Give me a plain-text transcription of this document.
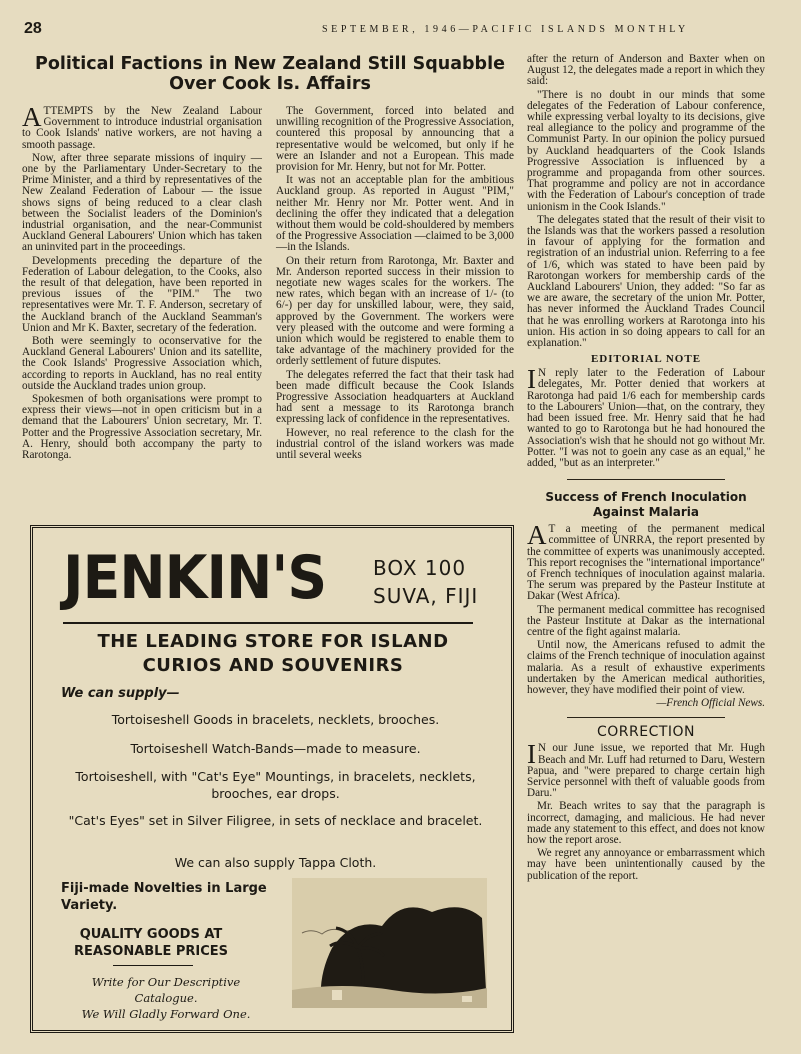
28	SEPTEMBER, 1946—PACIFIC ISLANDS MONTHLY
Political Factions in New Zealand Still Squabble Over Cook Is. Affairs

ATTEMPTS by the New Zealand Labour Government to introduce industrial organisation to Cook Islands' native workers, are not having a smooth passage.

Now, after three separate missions of inquiry — one by the Parliamentary Under-Secretary to the Prime Minister, and a third by representatives of the New Zealand Federation of Labour — the issue shows signs of being reduced to a clear clash between the Socialist leaders of the Dominion's industrial organisation, and the near-Communist Auckland General Labourers' Union which has taken an uninvited part in the proceedings.

Developments preceding the departure of the Federation of Labour delegation, to the Cooks, also the result of that delegation, have been reported in previous issues of the "PIM." The two representatives were Mr. T. F. Anderson, secretary of the Auckland branch of the Auckland Seamman's Union and Mr K. Baxter, secretary of the federation.

Both were seemingly to oconservative for the Auckland General Labourers' Union and its satellite, the Cook Islands' Progressive Association which, according to reports in Auckland, has no real entity outside the Auckland trades union group.

Spokesmen of both organisations were prompt to express their views—not in open criticism but in a demand that the Labourers' Union secretary, Mr. T. Potter and the Progressive Association secretary, Mr. A. Henry, should both accompany the party to Rarotonga.

The Government, forced into belated and unwilling recognition of the Progressive Association, countered this proposal by announcing that a representative would be welcomed, but only if he were an Islander and not a European. This made provision for Mr. Henry, but not for Mr. Potter.

It was not an acceptable plan for the ambitious Auckland group. As reported in August "PIM," neither Mr. Henry nor Mr. Potter went. And in declining the offer they indicated that a delegation without them would be cold-shouldered by members of the Progressive Association —claimed to be 3,000—in the Islands.

On their return from Rarotonga, Mr. Baxter and Mr. Anderson reported success in their mission to negotiate new wages scales for the workers. The new rates, which began with an increase of 1/- (to 6/-) per day for unskilled labour, were, they said, approved by the Government. The workers were very pleased with the outcome and were forming a union which would be registered to enable them to take advantage of the machinery provided for the orderly settlement of future disputes.

The delegates referred the fact that their task had been made difficult because the Cook Islands Progressive Association headquarters at Auckland had sent a message to its Rarotonga branch expressing lack of confidence in the representatives.

However, no real reference to the clash for the industrial control of the island workers was made until several weeks

after the return of Anderson and Baxter when on August 12, the delegates made a report in which they said:

"There is no doubt in our minds that some delegates of the Federation of Labour conference, while expressing verbal loyalty to its decisions, give real allegiance to the policy and programme of the Communist Party. In our opinion the policy pursued by Auckland headquarters of the Cook Islands Progressive Association is influenced by a programme and propaganda from other sources. That programme and policy are not in accordance with the Federation of Labour's conception of trade unionism in the Cook Islands."

The delegates stated that the result of their visit to the Islands was that the workers passed a resolution in favour of applying for the formation and registration of an industrial union. Referring to a fee of 1/6, which was stated to have been paid by Rarotongan workers for membership cards of the Auckland Labourers' Union, they added: "So far as we are aware, the secretary of the union Mr. Potter, has never informed the Auckland Trades Council that he was enrolling workers at Rarotonga into his union. His action in so doing appears to call for an explanation."

EDITORIAL NOTE

I N reply later to the Federation of Labour delegates, Mr. Potter denied that workers at Rarotonga had paid 1/6 each for membership cards to the Labourers' Union—that, on the contrary, they had been issued free. Mr. Henry said that he had wanted to go to Rarotonga but he had honoured the Association's wish that he should not go without Mr. Potter. "I was not to goein any case as an equal," he added, "but as an interpreter."

Success of French Inoculation Against Malaria

A T a meeting of the permanent medical committee of UNRRA, the report presented by the committee of experts was unanimously accepted. This report recognises the "international importance" of French techniques of inoculation against malaria. The serum was prepared by the Pasteur Institute at Dakar (West Africa).

The permanent medical committee has recognised the Pasteur Institute at Dakar as the international centre of the fight against malaria.

Until now, the Americans refused to admit the claims of the French technique of inoculation against malaria. As a result of exhaustive experiments undertaken by the American medical authorities, however, they have modified their point of view.

—French Official News.
CORRECTION

I N our June issue, we reported that Mr. Hugh Beach and Mr. Luff had returned to Daru, Western Papua, and "were prepared to charge certain high Service personnel with theft of valuable goods from Daru."

Mr. Beach writes to say that the paragraph is incorrect, damaging, and malicious. He had never made any statement to this effect, and does not know how the report arose.

We regret any annoyance or embarrassment which may have been unintentionally caused by the publication of the report.

JENKIN'S BOX 100
SUVA, FIJI
THE LEADING STORE FOR ISLAND
CURIOS AND SOUVENIRS
We can supply—
Tortoiseshell Goods in bracelets, necklets, brooches.
Tortoiseshell Watch-Bands—made to measure.
Tortoiseshell, with "Cat's Eye" Mountings, in bracelets, necklets, brooches, ear drops.
"Cat's Eyes" set in Silver Filigree, in sets of necklace and bracelet.
We can also supply Tappa Cloth.
Fiji-made Novelties in Large Variety.
QUALITY GOODS AT
REASONABLE PRICES
Write for Our Descriptive
Catalogue.
We Will Gladly Forward One.
